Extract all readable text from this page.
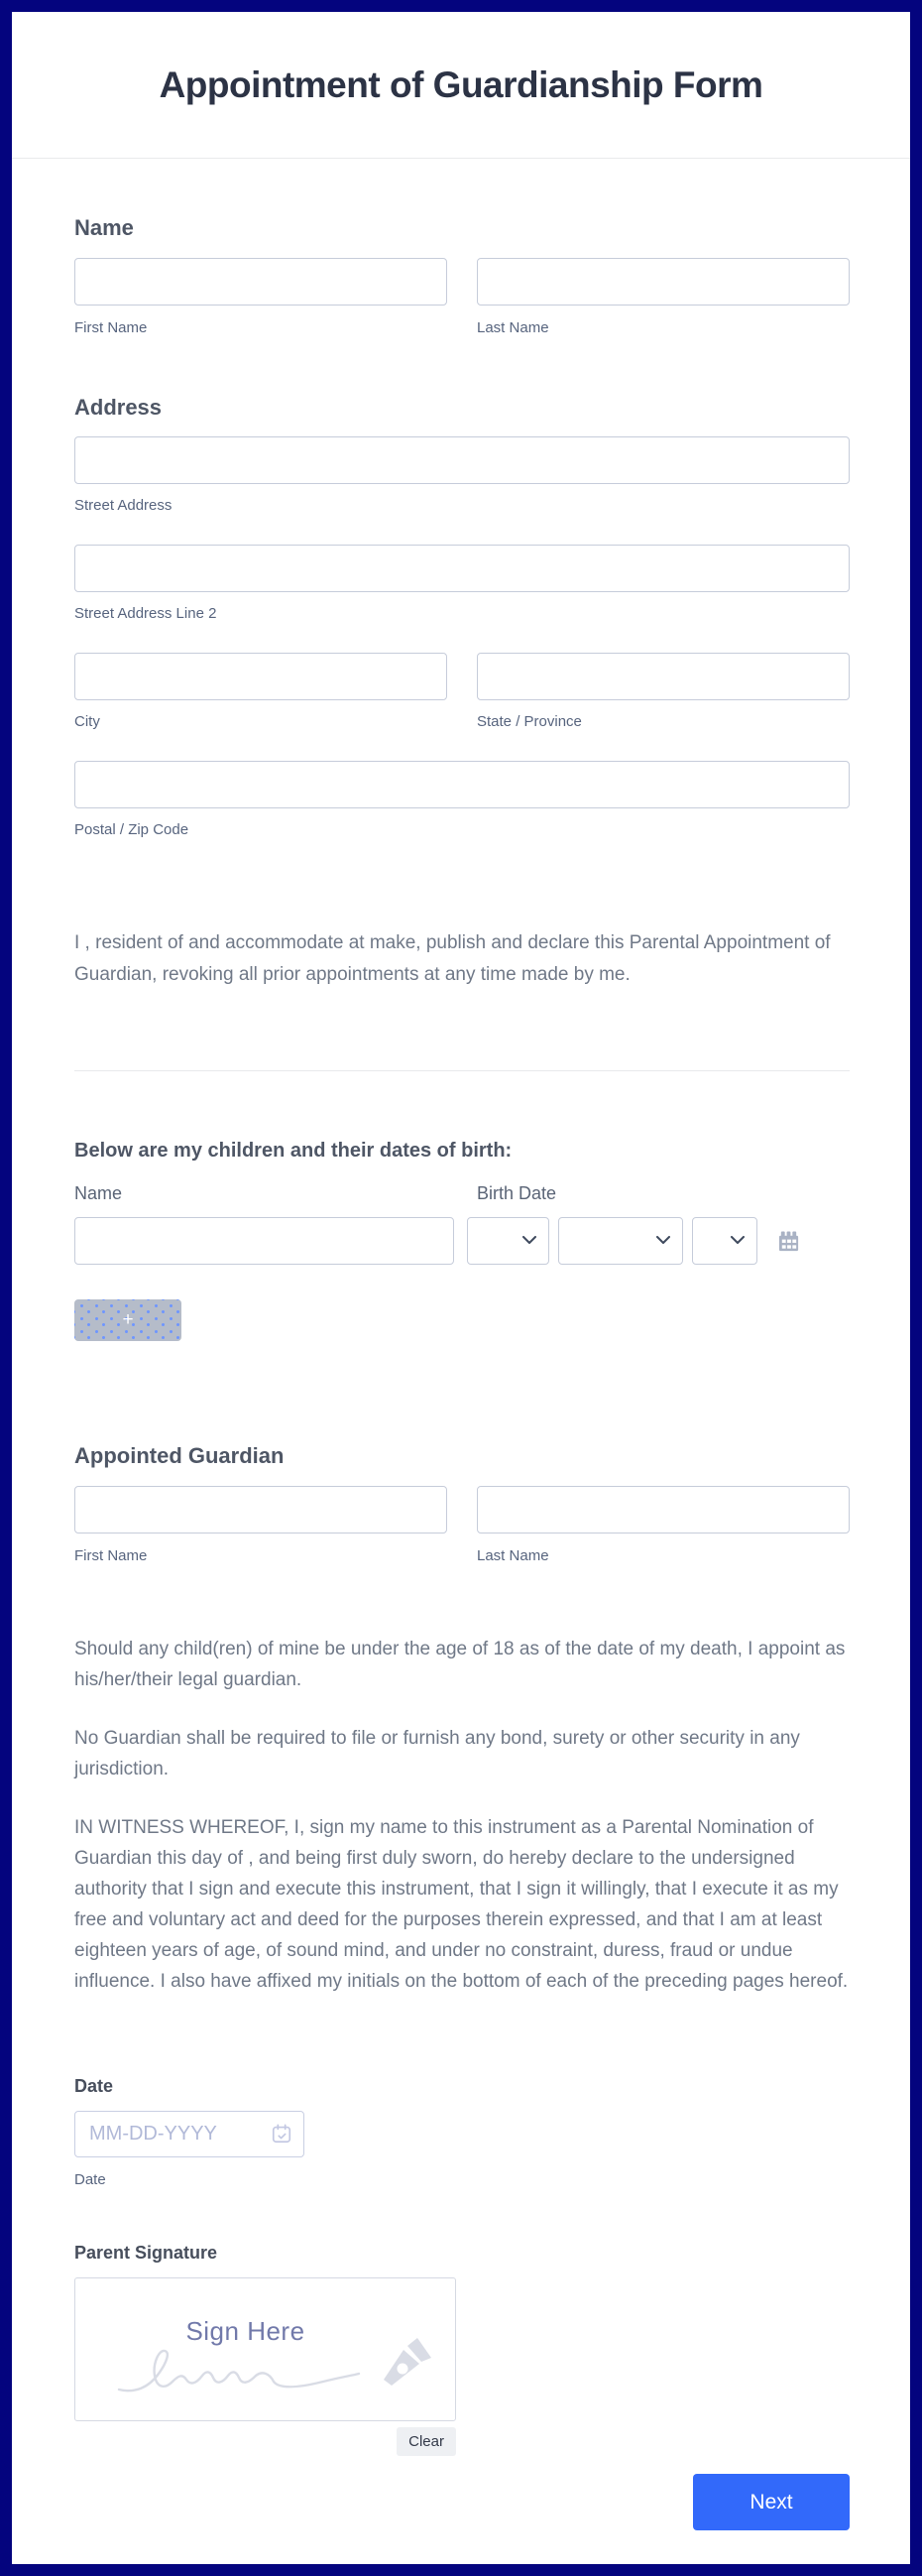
Appointment of Guardianship Form
Name
First Name	Last Name
Address
Street Address
Street Address Line 2
City	State / Province
Postal / Zip Code

I , resident of and accommodate at make, publish and declare this Parental Appointment of Guardian, revoking all prior appointments at any time made by me.

Below are my children and their dates of birth:
Name	Birth Date
+
Appointed Guardian
First Name	Last Name

Should any child(ren) of mine be under the age of 18 as of the date of my death, I appoint as his/her/their legal guardian.

No Guardian shall be required to file or furnish any bond, surety or other security in any jurisdiction.

IN WITNESS WHEREOF, I, sign my name to this instrument as a Parental Nomination of Guardian this day of , and being first duly sworn, do hereby declare to the undersigned authority that I sign and execute this instrument, that I sign it willingly, that I execute it as my free and voluntary act and deed for the purposes therein expressed, and that I am at least eighteen years of age, of sound mind, and under no constraint, duress, fraud or undue influence. I also have affixed my initials on the bottom of each of the preceding pages hereof.

Date
MM-DD-YYYY
Date
Parent Signature
Sign Here
Clear
Next
